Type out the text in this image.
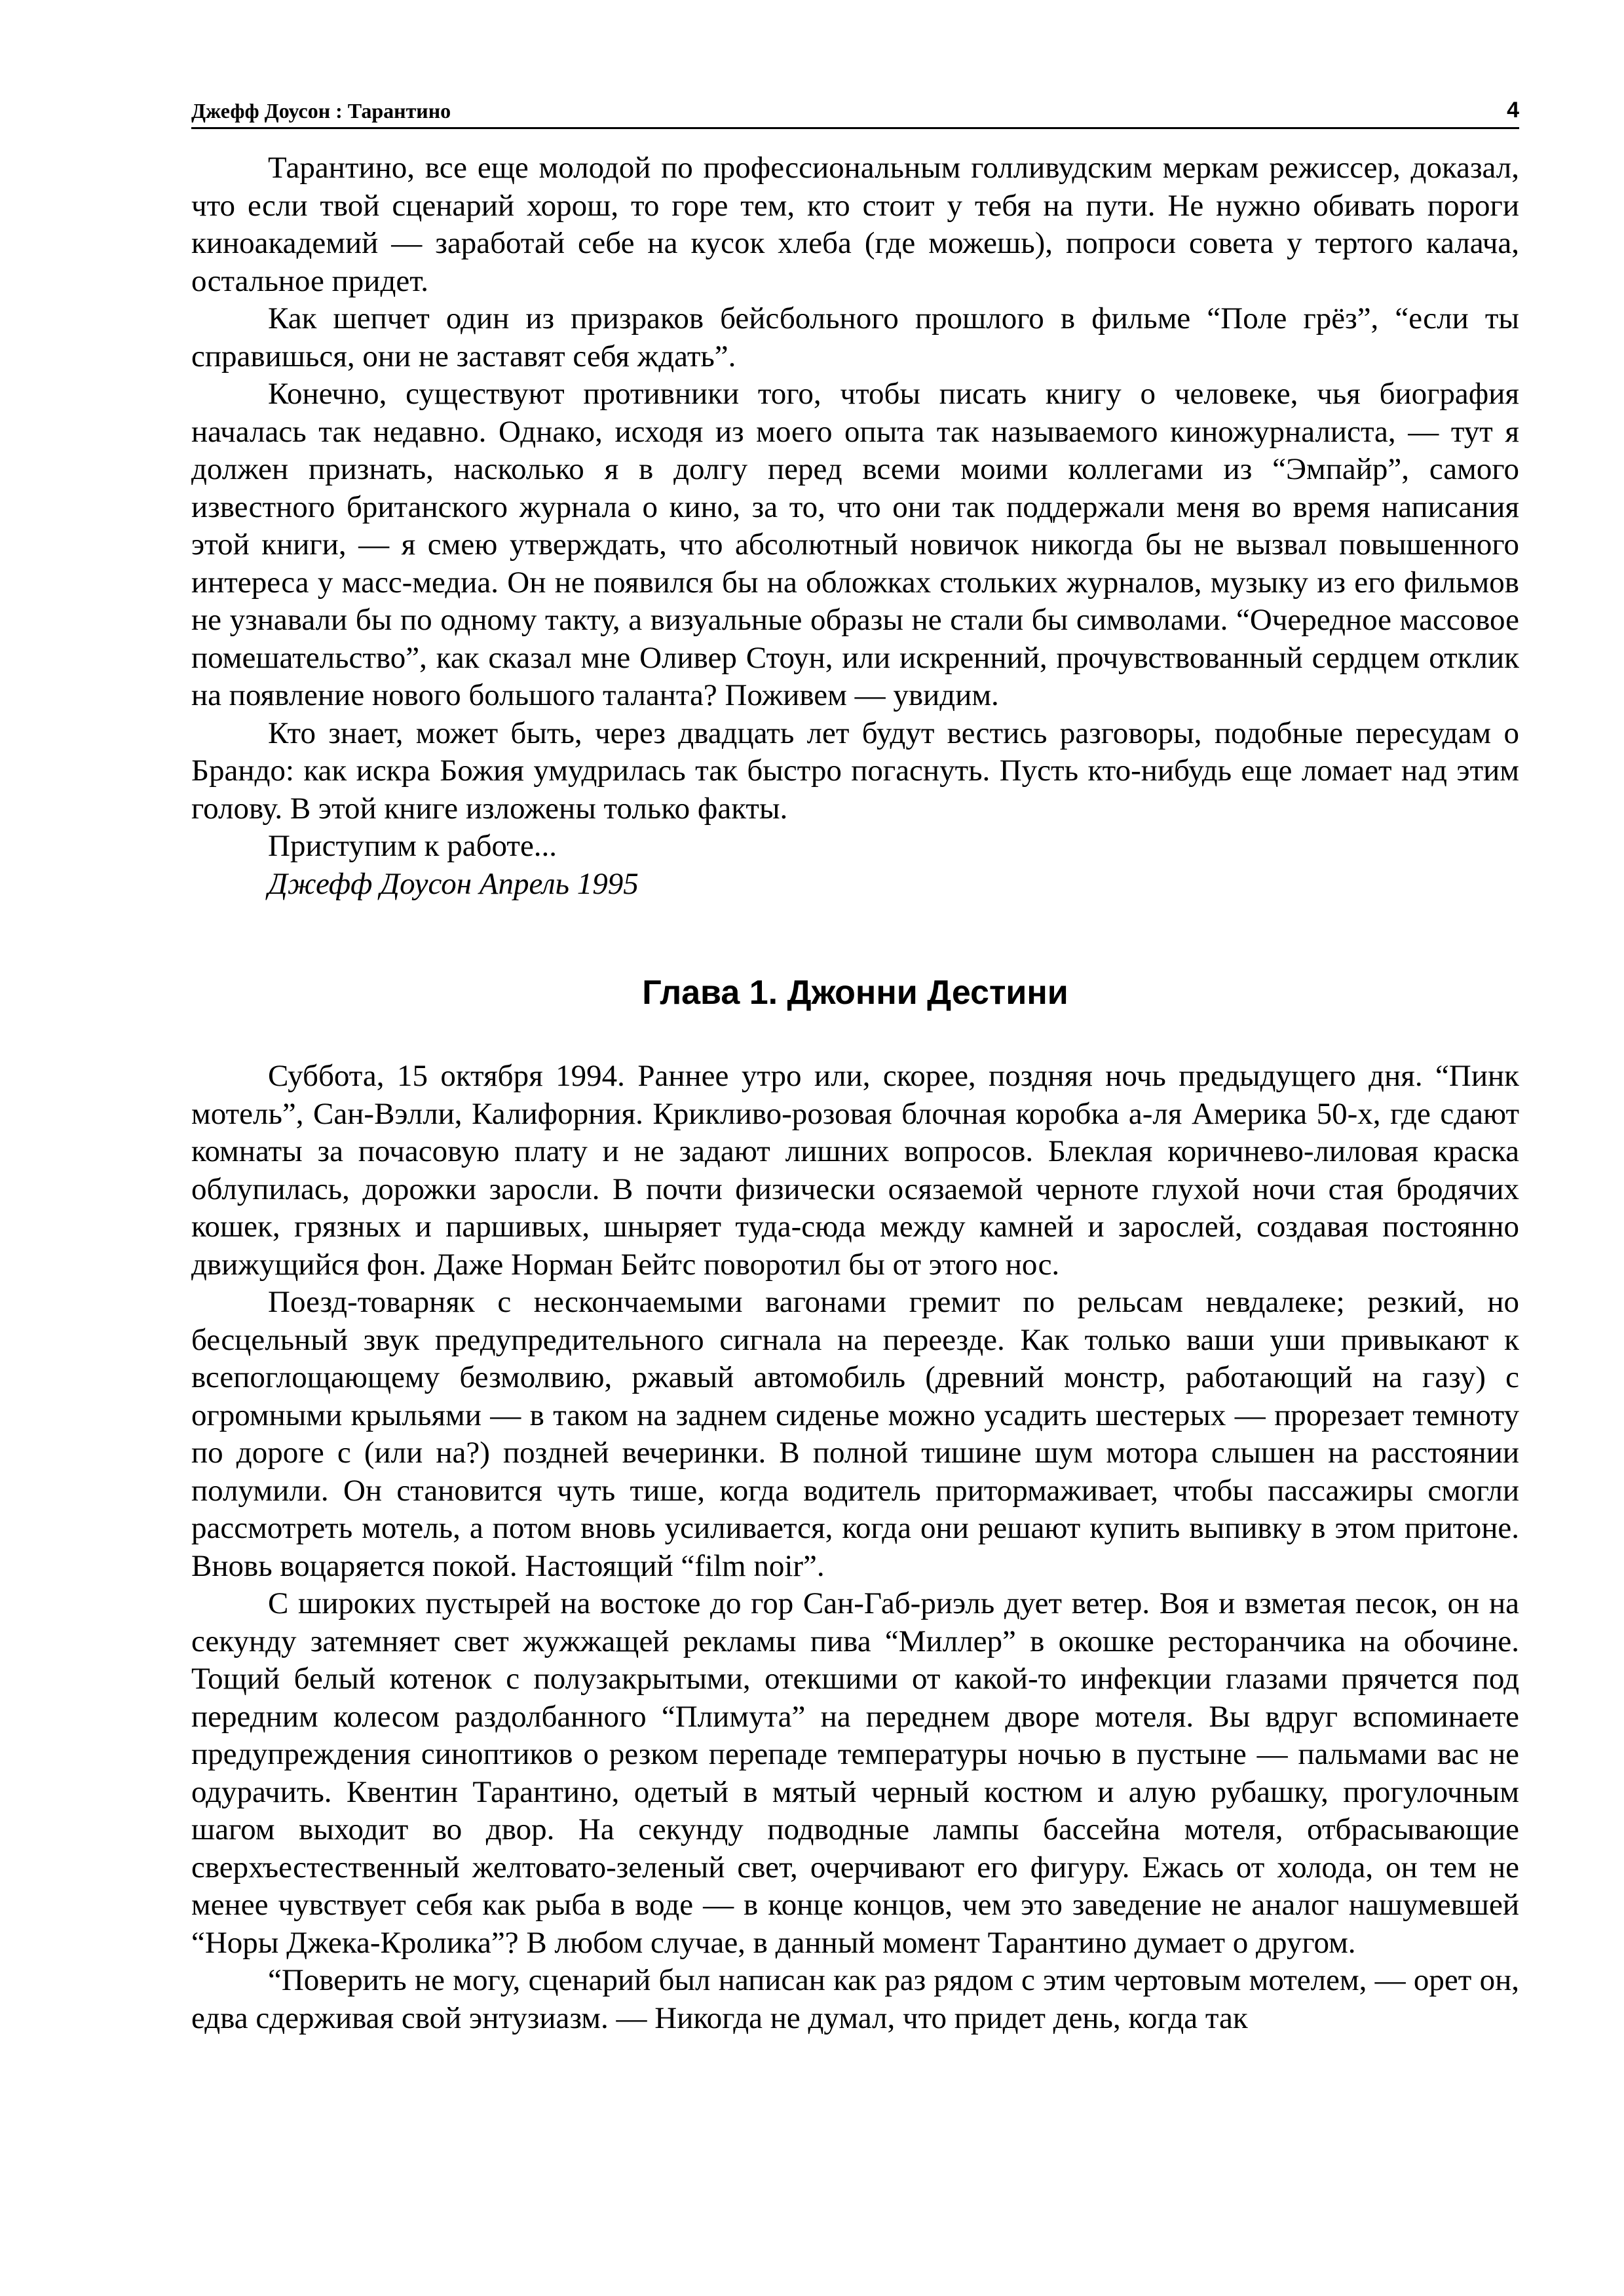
Джефф Доусон : Тарантино	4

Тарантино, все еще молодой по профессиональным голливудским меркам режиссер, доказал, что если твой сценарий хорош, то горе тем, кто стоит у тебя на пути. Не нужно обивать пороги киноакадемий — заработай себе на кусок хлеба (где можешь), попроси совета у тертого калача, остальное придет.

Как шепчет один из призраков бейсбольного прошлого в фильме “Поле грёз”, “если ты справишься, они не заставят себя ждать”.

Конечно, существуют противники того, чтобы писать книгу о человеке, чья биография началась так недавно. Однако, исходя из моего опыта так называемого киножурналиста, — тут я должен признать, насколько я в долгу перед всеми моими коллегами из “Эмпайр”, самого известного британского журнала о кино, за то, что они так поддержали меня во время написания этой книги, — я смею утверждать, что абсолютный новичок никогда бы не вызвал повышенного интереса у масс-медиа. Он не появился бы на обложках стольких журналов, музыку из его фильмов не узнавали бы по одному такту, а визуальные образы не стали бы символами. “Очередное массовое помешательство”, как сказал мне Оливер Стоун, или искренний, прочувствованный сердцем отклик на появление нового большого таланта? Поживем — увидим.

Кто знает, может быть, через двадцать лет будут вестись разговоры, подобные пересудам о Брандо: как искра Божия умудрилась так быстро погаснуть. Пусть кто-нибудь еще ломает над этим голову. В этой книге изложены только факты.

Приступим к работе...

Джефф Доусон Апрель 1995
Глава 1. Джонни Дестини

Суббота, 15 октября 1994. Раннее утро или, скорее, поздняя ночь предыдущего дня. “Пинк мотель”, Сан-Вэлли, Калифорния. Крикливо-розовая блочная коробка а-ля Америка 50-х, где сдают комнаты за почасовую плату и не задают лишних вопросов. Блеклая коричнево-лиловая краска облупилась, дорожки заросли. В почти физически осязаемой черноте глухой ночи стая бродячих кошек, грязных и паршивых, шныряет туда-сюда между камней и зарослей, создавая постоянно движущийся фон. Даже Норман Бейтс поворотил бы от этого нос.

Поезд-товарняк с нескончаемыми вагонами гремит по рельсам невдалеке; резкий, но бесцельный звук предупредительного сигнала на переезде. Как только ваши уши привыкают к всепоглощающему безмолвию, ржавый автомобиль (древний монстр, работающий на газу) с огромными крыльями — в таком на заднем сиденье можно усадить шестерых — прорезает темноту по дороге с (или на?) поздней вечеринки. В полной тишине шум мотора слышен на расстоянии полумили. Он становится чуть тише, когда водитель притормаживает, чтобы пассажиры смогли рассмотреть мотель, а потом вновь усиливается, когда они решают купить выпивку в этом притоне. Вновь воцаряется покой. Настоящий “film noir”.

С широких пустырей на востоке до гор Сан-Габ-риэль дует ветер. Воя и взметая песок, он на секунду затемняет свет жужжащей рекламы пива “Миллер” в окошке ресторанчика на обочине. Тощий белый котенок с полузакрытыми, отекшими от какой-то инфекции глазами прячется под передним колесом раздолбанного “Плимута” на переднем дворе мотеля. Вы вдруг вспоминаете предупреждения синоптиков о резком перепаде температуры ночью в пустыне — пальмами вас не одурачить. Квентин Тарантино, одетый в мятый черный костюм и алую рубашку, прогулочным шагом выходит во двор. На секунду подводные лампы бассейна мотеля, отбрасывающие сверхъестественный желтовато-зеленый свет, очерчивают его фигуру. Ежась от холода, он тем не менее чувствует себя как рыба в воде — в конце концов, чем это заведение не аналог нашумевшей “Норы Джека-Кролика”? В любом случае, в данный момент Тарантино думает о другом.

“Поверить не могу, сценарий был написан как раз рядом с этим чертовым мотелем, — орет он, едва сдерживая свой энтузиазм. — Никогда не думал, что придет день, когда так
